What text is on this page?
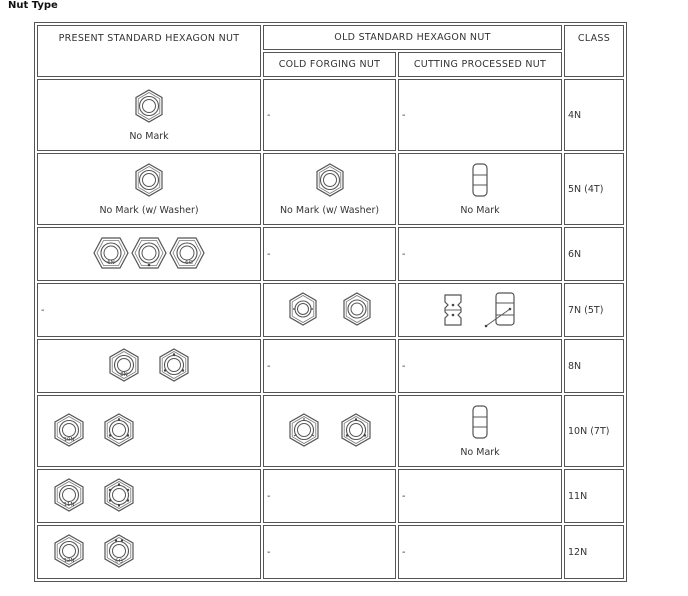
Nut Type
PRESENT STANDARD HEXAGON NUT	OLD STANDARD HEXAGON NUT		CLASS
	COLD FORGING NUT	CUTTING PROCESSED NUT	

No Mark	-	-	4N

No Mark (w/ Washer)	No Mark (w/ Washer)	No Mark	5N (4T)

6N 6G	-	-	6N
-			7N (5T)

8N	-	-	8N

10N		No Mark	10N (7T)

11N	-	-	11N

12N 6G	-	-	12N
